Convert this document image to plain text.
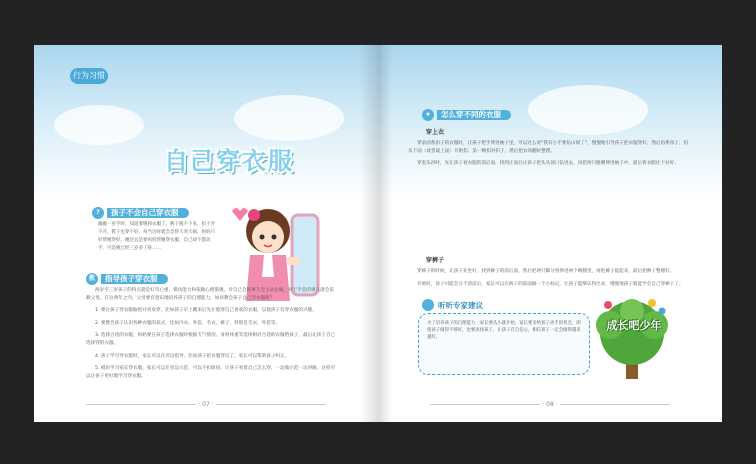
行为习惯
自己穿衣服
?	孩子不会自己穿衣服
幽幽一岁半时，知道要脱掉衣服了。裤子脱不下来，扣子弄不开，鞋子也穿不好，每当这时就会急得大哭大闹，妈妈只好帮她穿好。她还总是要妈妈帮她穿衣服，自己却不愿动手，可是她已经三岁多了呀……
教	指导孩子穿衣服

两岁至三岁孩子的特点就是好奇心重，模仿能力和依赖心理都强。对自己会的事儿会主动去做，对于不会的事儿就会依赖父母。在这两年之内，父母要有意识地培养孩子的自理能力，如何教会孩子自己穿衣服呢？

1. 要让孩子穿衣服愉悦并喜欢穿，比如孩子早上醒来后先让他穿自己喜欢的衣服，以使孩子有穿衣服的兴趣。

2. 要教会孩子认识各种衣服的款式，比如内衣、外套、毛衣、裤子，特别是毛衣、外套等。

3. 选择合适的衣服，妈妈要在孩子选择衣服时根据天气情况、身材体重等选择相对合适的衣服给孩子，最后让孩子自己选择穿的衣服。

4. 孩子学习穿衣服时，家长可以在旁边指导，比如孩子把衣服穿反了，家长可以帮助孩子纠正。

5. 模仿学习家长穿衣服，家长可以在旁边示范，可以不扣纽扣，让孩子看着自己怎么穿，一边做示范一边讲解，这样可以让孩子更好地学习穿衣服。

· 07 ·
★	怎么穿不同的衣服
穿上衣

穿前面系扣子的衣服时，让孩子把手伸进袖子里，可以这么说“我有小手要钻山洞了”，慢慢地引导孩子把衣服穿好，然后再系扣子，扣从下面（或者最上面）开始扣，第一颗扣对扣子，然后把衣领翻好整理。

穿套头衫时，先让孩子看衣服的前后面，找到正面后让孩子把头从领口钻进去，再把两只胳膊伸进袖子中，最后将衣服往下拉好。

穿裤子

穿裤子的时候，让孩子先坐好，找到裤子的前后面，然后把两只脚分别伸进两个裤腿里，再把裤子提起来，最后把裤子整理好。

开始时，孩子可能会分不清前后，家长可以在裤子的前面做一个小标记，让孩子能够认得出来，慢慢地孩子就能学会自己穿裤子了。

听听专家建议
为了培养孩子的自理能力，家长要从小就开始，家长要多给孩子动手的机会，即使孩子做得不够好，也要表扬孩子，让孩子有自信心，相信孩子一定会做得越来越好。
成长吧少年
· 08 ·
